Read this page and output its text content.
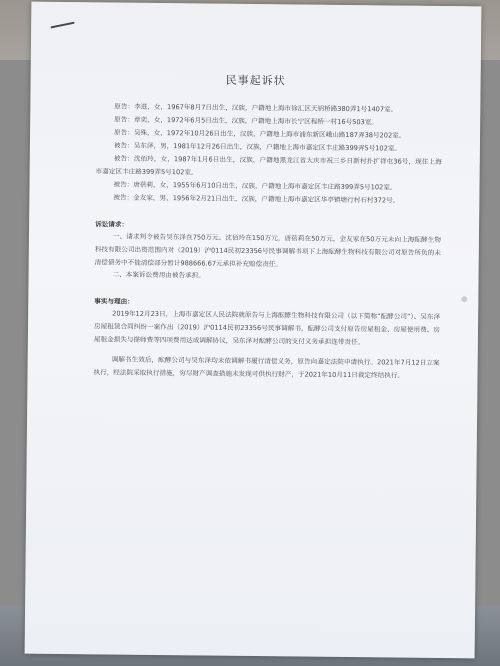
民事起诉状

原告：李进，女，1967年8月7日出生，汉族，户籍地上海市徐汇区天钥桥路380弄1号1407室。

原告：章奕，女，1972年6月5日出生，汉族，户籍地上海市长宁区程桥一村16号503室。

原告：吴殊，女，1972年10月26日出生，汉族，户籍地上海市浦东新区峨山路187弄38号202室。

被告：吴东泽，男，1981年12月26日出生，汉族，户籍地上海市嘉定区丰庄路399弄5号102室。

被告：沈佰玲，女，1987年1月6日出生，汉族，户籍地黑龙江省大庆市祝三乡日新村扑扩祥屯36号，现住上海市嘉定区丰庄路399弄5号102室。

被告：唐蓓莉，女，1955年6月10日出生，汉族，户籍地上海市嘉定区丰庄路399弄5号102室。

被告：金友家，男，1956年2月21日出生，汉族，户籍地上海市嘉定区华亭镇塘行村石村372号。

诉讼请求：

一、请求判令被告吴东泽在750万元、沈佰玲在150万元，唐蓓莉在50万元，金友家在50万元未向上海酝酵生物科技有限公司出资范围内对（2019）沪0114民初23356号民事调解书项下上海酝酵生物科技有限公司对原告所负的未清偿债务中不能清偿部分暂计988666.67元承担补充赔偿责任。

二、本案诉讼费用由被告承担。

事实与理由：

2019年12月23日，上海市嘉定区人民法院就原告与上海酝酵生物科技有限公司（以下简称“酝酵公司”）、吴东泽房屋租赁合同纠纷一案作出（2019）沪0114民初23356号民事调解书，酝酵公司支付原告房屋租金、房屋使用费、房屋租金损失与搽师费等四项费用达成调解协议，吴东泽对酝酵公司的支付义务承担连带责任。

调解书生效后，酝酵公司与吴东泽均未依调解书履行清偿义务，原告向嘉定法院申请执行。2021年7月12日立案执行，经法院采取执行措施，穷尽财产调查措施未发现可供执行财产，于2021年10月11日裁定终结执行。
